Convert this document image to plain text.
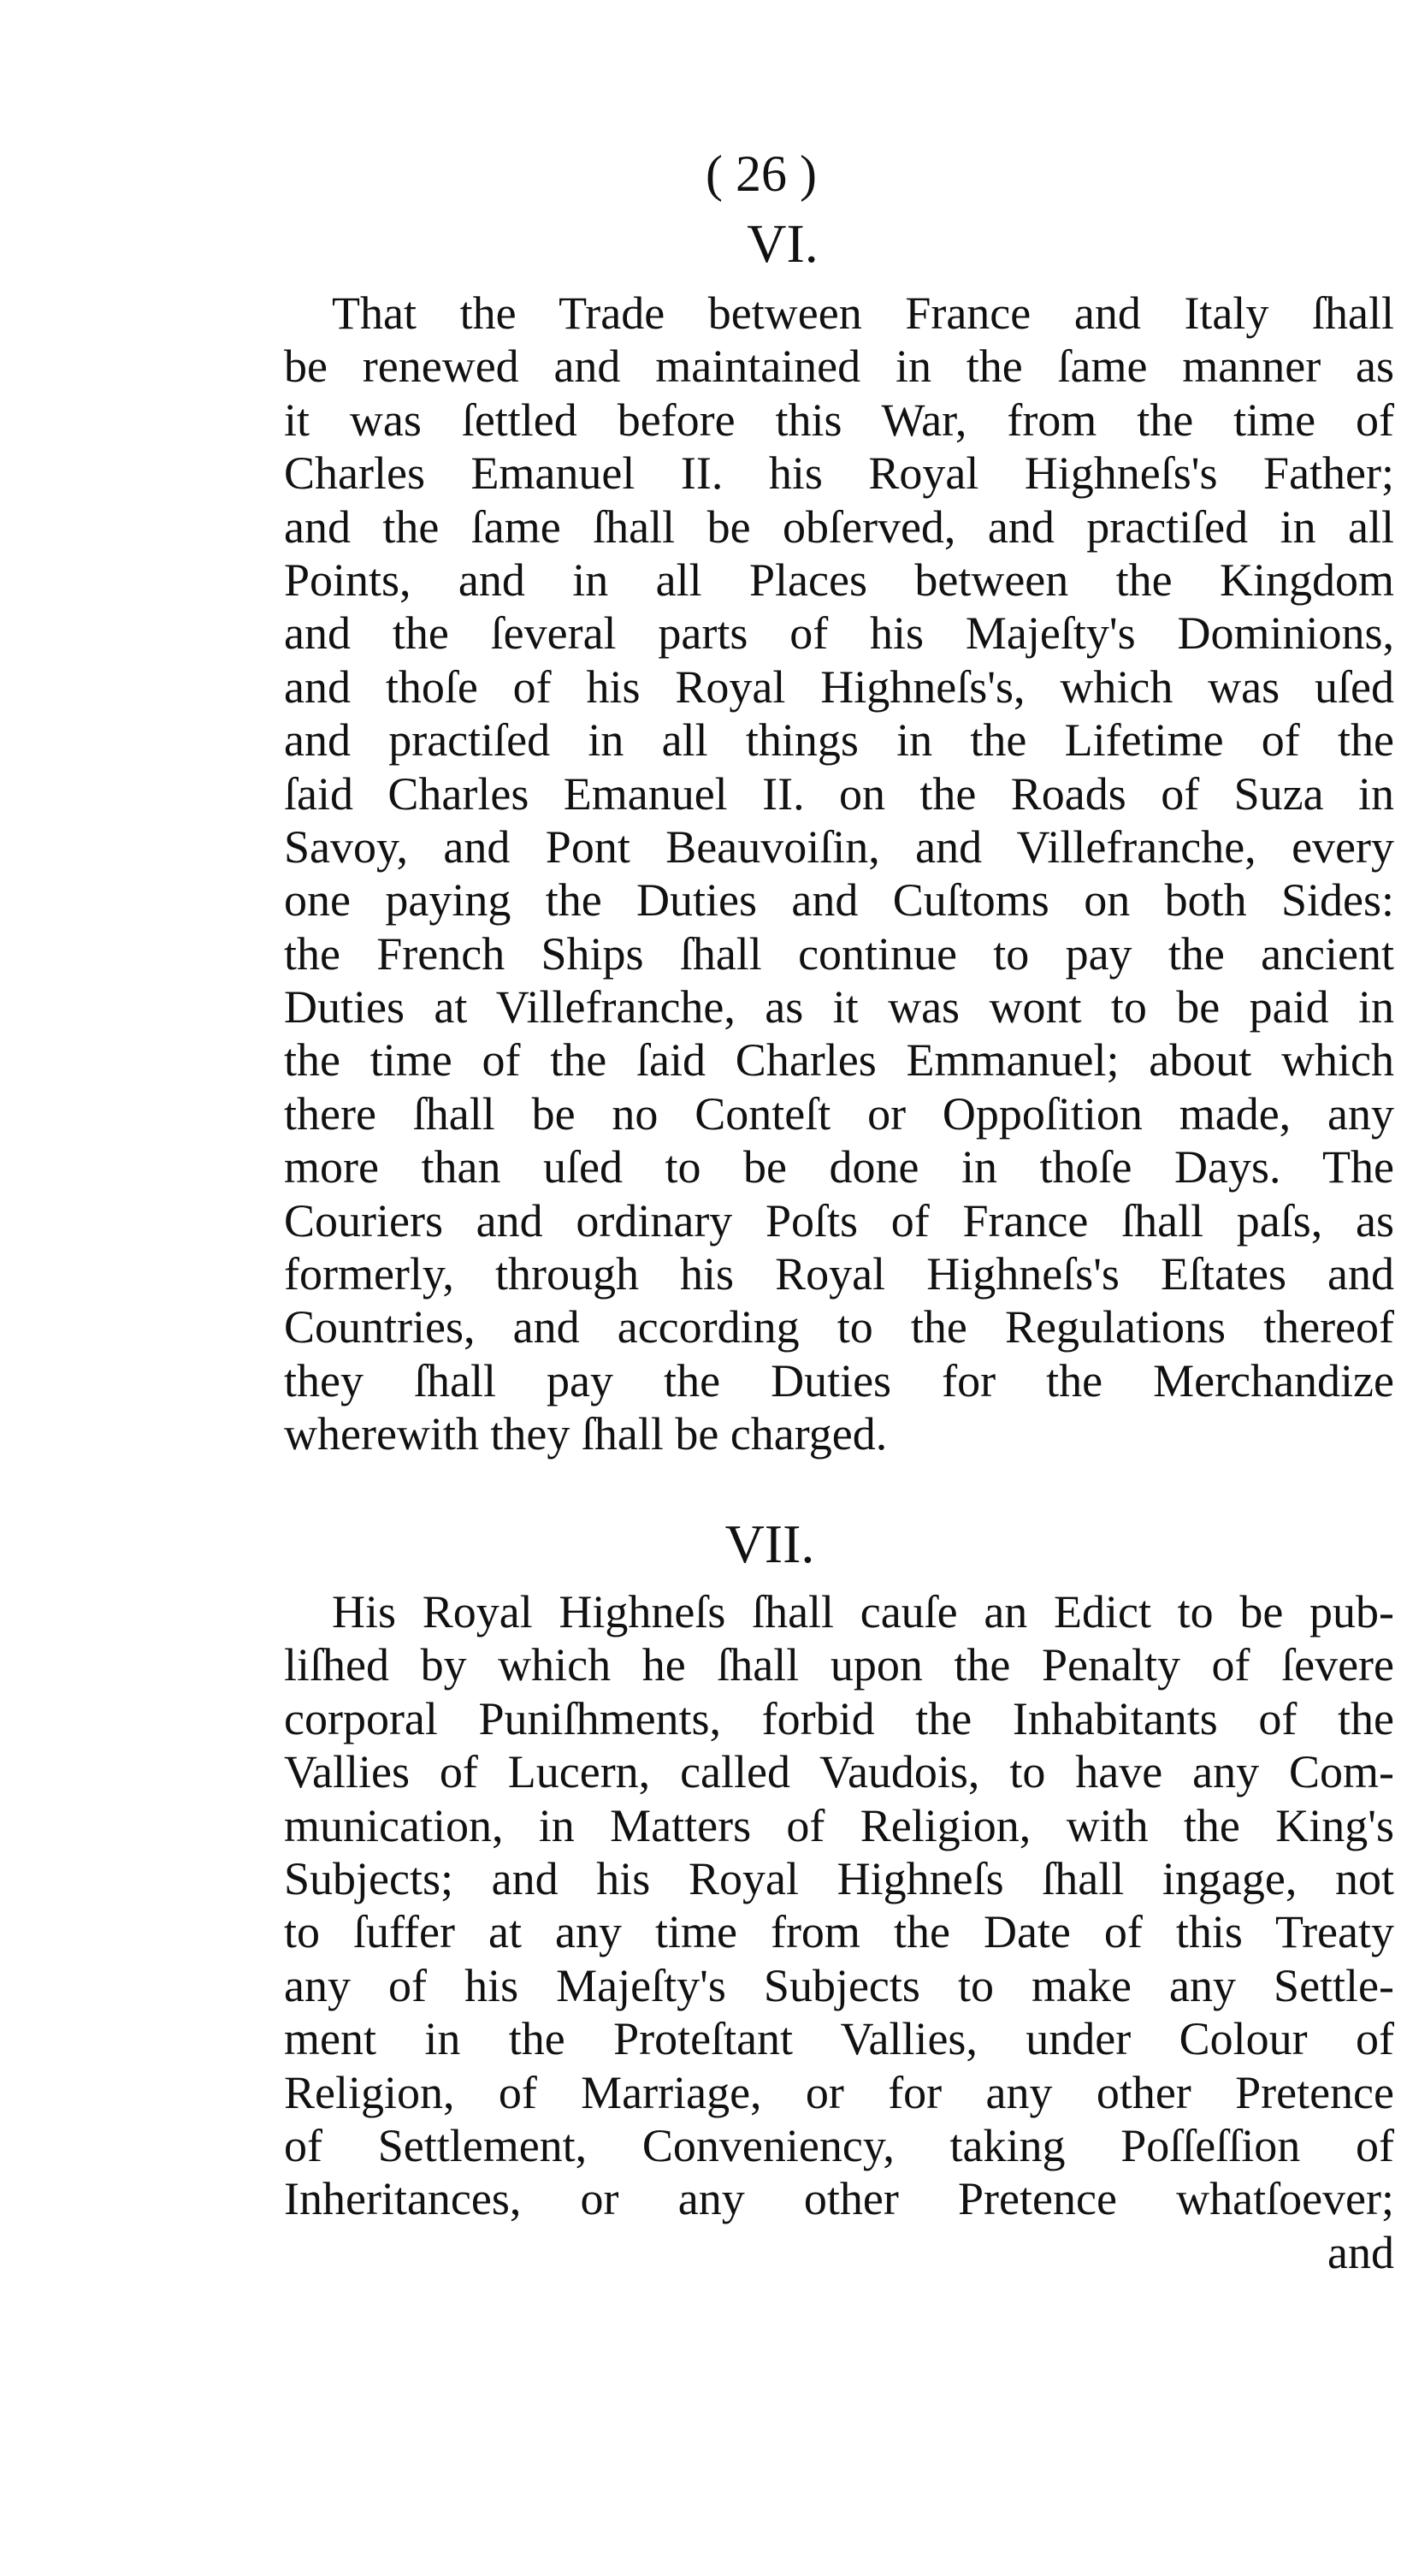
( 26 )
VI.
That the Trade between France and Italy ſhall
be renewed and maintained in the ſame manner as
it was ſettled before this War, from the time of
Charles Emanuel II. his Royal Highneſs's Father;
and the ſame ſhall be obſerved, and practiſed in all
Points, and in all Places between the Kingdom
and the ſeveral parts of his Majeſty's Dominions,
and thoſe of his Royal Highneſs's, which was uſed
and practiſed in all things in the Lifetime of the
ſaid Charles Emanuel II. on the Roads of Suza in
Savoy, and Pont Beauvoiſin, and Villefranche, every
one paying the Duties and Cuſtoms on both Sides:
the French Ships ſhall continue to pay the ancient
Duties at Villefranche, as it was wont to be paid in
the time of the ſaid Charles Emmanuel; about which
there ſhall be no Conteſt or Oppoſition made, any
more than uſed to be done in thoſe Days. The
Couriers and ordinary Poſts of France ſhall paſs, as
formerly, through his Royal Highneſs's Eſtates and
Countries, and according to the Regulations thereof
they ſhall pay the Duties for the Merchandize
wherewith they ſhall be charged.
VII.
His Royal Highneſs ſhall cauſe an Edict to be pub-
liſhed by which he ſhall upon the Penalty of ſevere
corporal Puniſhments, forbid the Inhabitants of the
Vallies of Lucern, called Vaudois, to have any Com-
munication, in Matters of Religion, with the King's
Subjects; and his Royal Highneſs ſhall ingage, not
to ſuffer at any time from the Date of this Treaty
any of his Majeſty's Subjects to make any Settle-
ment in the Proteſtant Vallies, under Colour of
Religion, of Marriage, or for any other Pretence
of Settlement, Conveniency, taking Poſſeſſion of
Inheritances, or any other Pretence whatſoever;
and
